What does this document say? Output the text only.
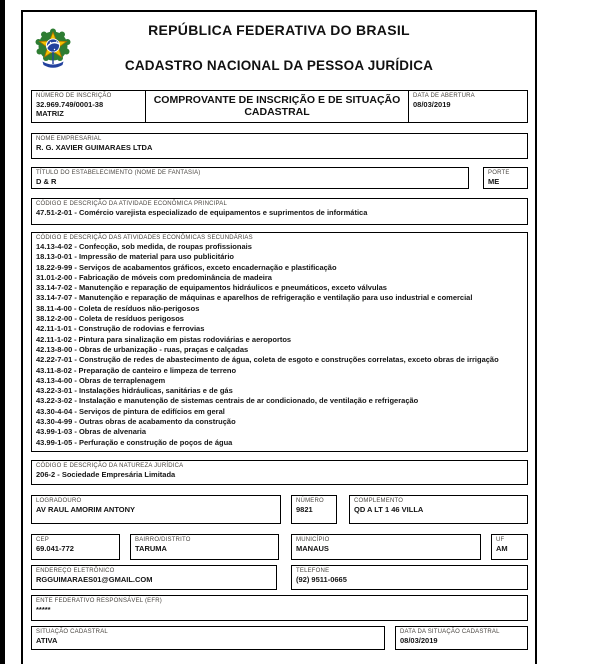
REPÚBLICA FEDERATIVA DO BRASIL
CADASTRO NACIONAL DA PESSOA JURÍDICA
NÚMERO DE INSCRIÇÃO
32.969.749/0001-38
MATRIZ
COMPROVANTE DE INSCRIÇÃO E DE SITUAÇÃO
CADASTRAL
DATA DE ABERTURA
08/03/2019
NOME EMPRESARIAL
R. G. XAVIER GUIMARAES LTDA
TÍTULO DO ESTABELECIMENTO (NOME DE FANTASIA)
D & R
PORTE
ME
CÓDIGO E DESCRIÇÃO DA ATIVIDADE ECONÔMICA PRINCIPAL
47.51-2-01 - Comércio varejista especializado de equipamentos e suprimentos de informática
CÓDIGO E DESCRIÇÃO DAS ATIVIDADES ECONÔMICAS SECUNDÁRIAS
14.13-4-02 - Confecção, sob medida, de roupas profissionais
18.13-0-01 - Impressão de material para uso publicitário
18.22-9-99 - Serviços de acabamentos gráficos, exceto encadernação e plastificação
31.01-2-00 - Fabricação de móveis com predominância de madeira
33.14-7-02 - Manutenção e reparação de equipamentos hidráulicos e pneumáticos, exceto válvulas
33.14-7-07 - Manutenção e reparação de máquinas e aparelhos de refrigeração e ventilação para uso industrial e comercial
38.11-4-00 - Coleta de resíduos não-perigosos
38.12-2-00 - Coleta de resíduos perigosos
42.11-1-01 - Construção de rodovias e ferrovias
42.11-1-02 - Pintura para sinalização em pistas rodoviárias e aeroportos
42.13-8-00 - Obras de urbanização - ruas, praças e calçadas
42.22-7-01 - Construção de redes de abastecimento de água, coleta de esgoto e construções correlatas, exceto obras de irrigação
43.11-8-02 - Preparação de canteiro e limpeza de terreno
43.13-4-00 - Obras de terraplenagem
43.22-3-01 - Instalações hidráulicas, sanitárias e de gás
43.22-3-02 - Instalação e manutenção de sistemas centrais de ar condicionado, de ventilação e refrigeração
43.30-4-04 - Serviços de pintura de edifícios em geral
43.30-4-99 - Outras obras de acabamento da construção
43.99-1-03 - Obras de alvenaria
43.99-1-05 - Perfuração e construção de poços de água
CÓDIGO E DESCRIÇÃO DA NATUREZA JURÍDICA
206-2 - Sociedade Empresária Limitada
LOGRADOURO
AV RAUL AMORIM ANTONY
NÚMERO
9821
COMPLEMENTO
QD A LT 1 46 VILLA
CEP
69.041-772
BAIRRO/DISTRITO
TARUMA
MUNICÍPIO
MANAUS
UF
AM
ENDEREÇO ELETRÔNICO
RGGUIMARAES01@GMAIL.COM
TELEFONE
(92) 9511-0665
ENTE FEDERATIVO RESPONSÁVEL (EFR)
*****
SITUAÇÃO CADASTRAL
ATIVA
DATA DA SITUAÇÃO CADASTRAL
08/03/2019
